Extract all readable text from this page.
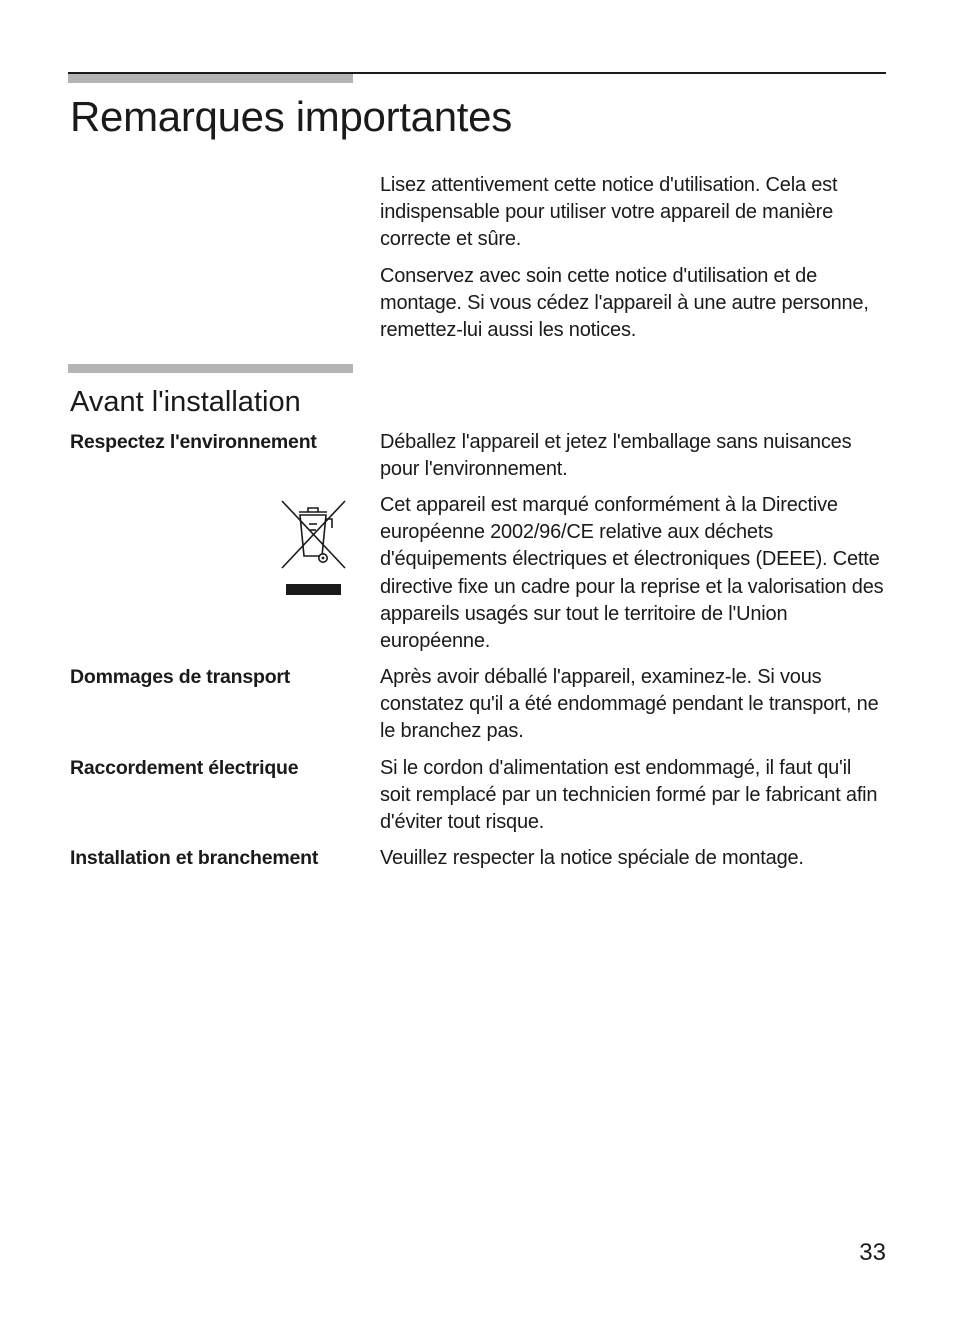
Remarques importantes

Lisez attentivement cette notice d'utilisation. Cela est indispensable pour utiliser votre appareil de manière correcte et sûre.

Conservez avec soin cette notice d'utilisation et de montage. Si vous cédez l'appareil à une autre personne, remettez-lui aussi les notices.

Avant l'installation
Respectez l'environnement	Déballez l'appareil et jetez l'emballage sans nuisances pour l'environnement.

Cet appareil est marqué conformément à la Directive européenne 2002/96/CE relative aux déchets d'équipements électriques et électroniques (DEEE). Cette directive fixe un cadre pour la reprise et la valorisation des appareils usagés sur tout le territoire de l'Union européenne.

Dommages de transport	Après avoir déballé l'appareil, examinez-le. Si vous constatez qu'il a été endommagé pendant le transport, ne le branchez pas.

Raccordement électrique	Si le cordon d'alimentation est endommagé, il faut qu'il soit remplacé par un technicien formé par le fabricant afin d'éviter tout risque.

Installation et branchement	Veuillez respecter la notice spéciale de montage.

33
